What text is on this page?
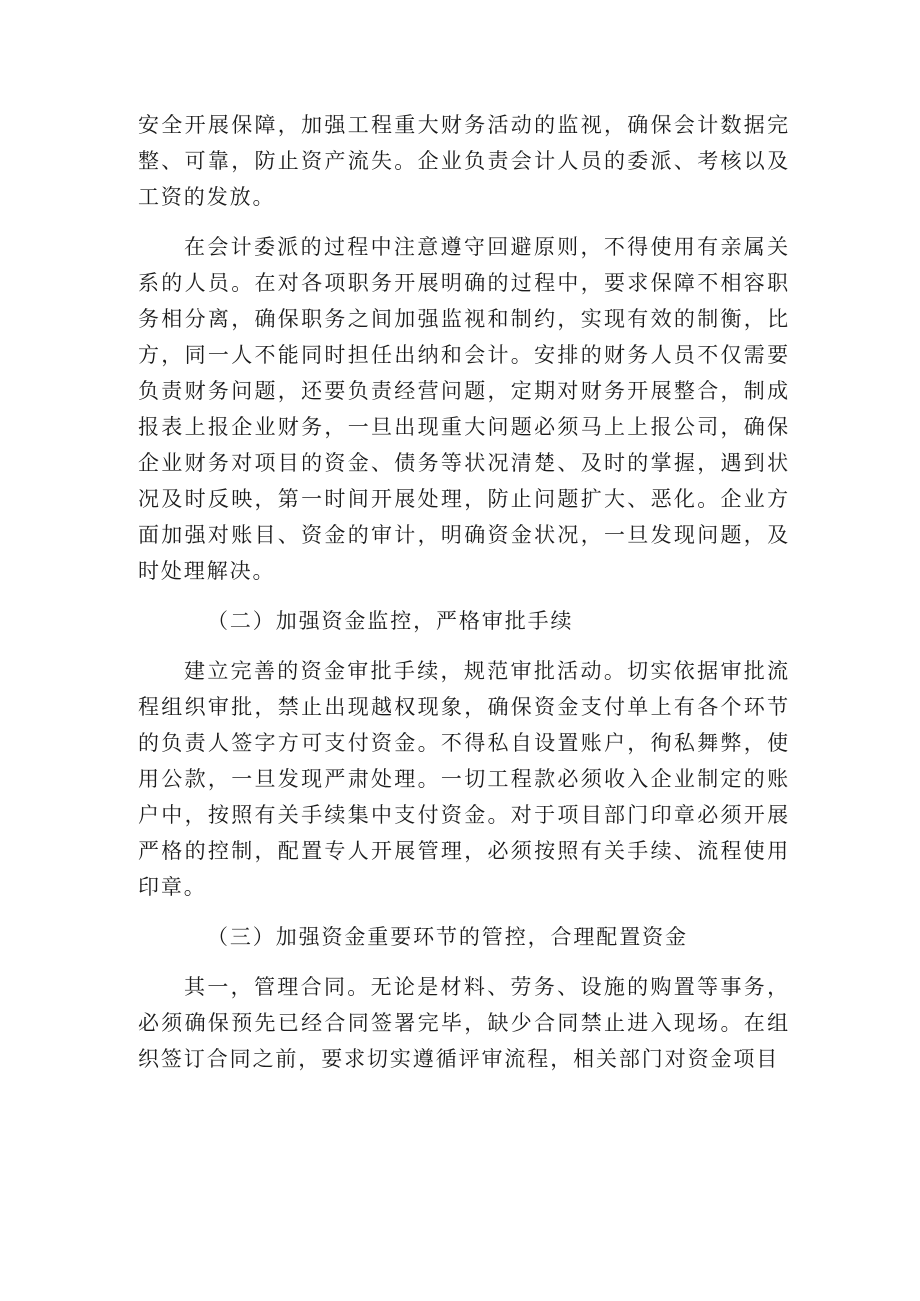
安全开展保障，加强工程重大财务活动的监视，确保会计数据完整、可靠，防止资产流失。企业负责会计人员的委派、考核以及工资的发放。

在会计委派的过程中注意遵守回避原则，不得使用有亲属关系的人员。在对各项职务开展明确的过程中，要求保障不相容职务相分离，确保职务之间加强监视和制约，实现有效的制衡，比方，同一人不能同时担任出纳和会计。安排的财务人员不仅需要负责财务问题，还要负责经营问题，定期对财务开展整合，制成报表上报企业财务，一旦出现重大问题必须马上上报公司，确保企业财务对项目的资金、债务等状况清楚、及时的掌握，遇到状况及时反映，第一时间开展处理，防止问题扩大、恶化。企业方面加强对账目、资金的审计，明确资金状况，一旦发现问题，及时处理解决。

（二）加强资金监控，严格审批手续

建立完善的资金审批手续，规范审批活动。切实依据审批流程组织审批，禁止出现越权现象，确保资金支付单上有各个环节的负责人签字方可支付资金。不得私自设置账户，徇私舞弊，使用公款，一旦发现严肃处理。一切工程款必须收入企业制定的账户中，按照有关手续集中支付资金。对于项目部门印章必须开展严格的控制，配置专人开展管理，必须按照有关手续、流程使用印章。

（三）加强资金重要环节的管控，合理配置资金

其一，管理合同。无论是材料、劳务、设施的购置等事务，必须确保预先已经合同签署完毕，缺少合同禁止进入现场。在组织签订合同之前，要求切实遵循评审流程，相关部门对资金项目
